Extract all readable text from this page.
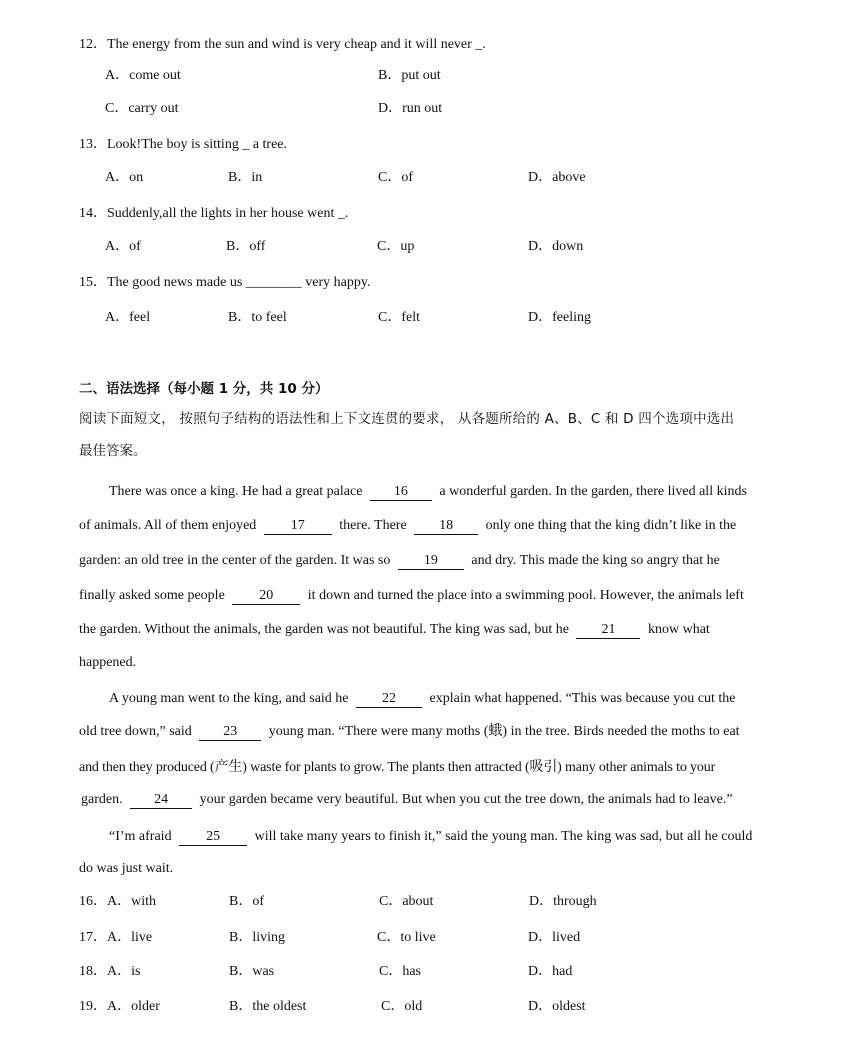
12．The energy from the sun and wind is very cheap and it will never _.
A．come out	B．put out
C．carry out	D．run out
13．Look!The boy is sitting _ a tree.
A．on	B．in	C．of	D．above
14．Suddenly,all the lights in her house went _.
A．of	B．off	C．up	D．down
15．The good news made us ________ very happy.
A．feel	B．to feel	C．felt	D．feeling
二、语法选择（每小题 1 分，共 10 分）
阅读下面短文， 按照句子结构的语法性和上下文连贯的要求， 从各题所给的 A、B、C 和 D 四个选项中选出
最佳答案。
There was once a king. He had a great palace 16 a wonderful garden. In the garden, there lived all kinds
of animals. All of them enjoyed 17 there. There 18 only one thing that the king didn’t like in the
garden: an old tree in the center of the garden. It was so 19 and dry. This made the king so angry that he
finally asked some people 20 it down and turned the place into a swimming pool. However, the animals left
the garden. Without the animals, the garden was not beautiful. The king was sad, but he 21 know what
happened.
A young man went to the king, and said he 22 explain what happened. “This was because you cut the
old tree down,” said 23 young man. “There were many moths (蛾) in the tree. Birds needed the moths to eat
and then they produced (产生) waste for plants to grow. The plants then attracted (吸引) many other animals to your
garden. 24 your garden became very beautiful. But when you cut the tree down, the animals had to leave.”
“I’m afraid 25 will take many years to finish it,” said the young man. The king was sad, but all he could
do was just wait.
16．A．with	B．of	C．about	D．through
17．A．live	B．living	C．to live	D．lived
18．A．is	B．was	C．has	D．had
19．A．older	B．the oldest	C．old	D．oldest
